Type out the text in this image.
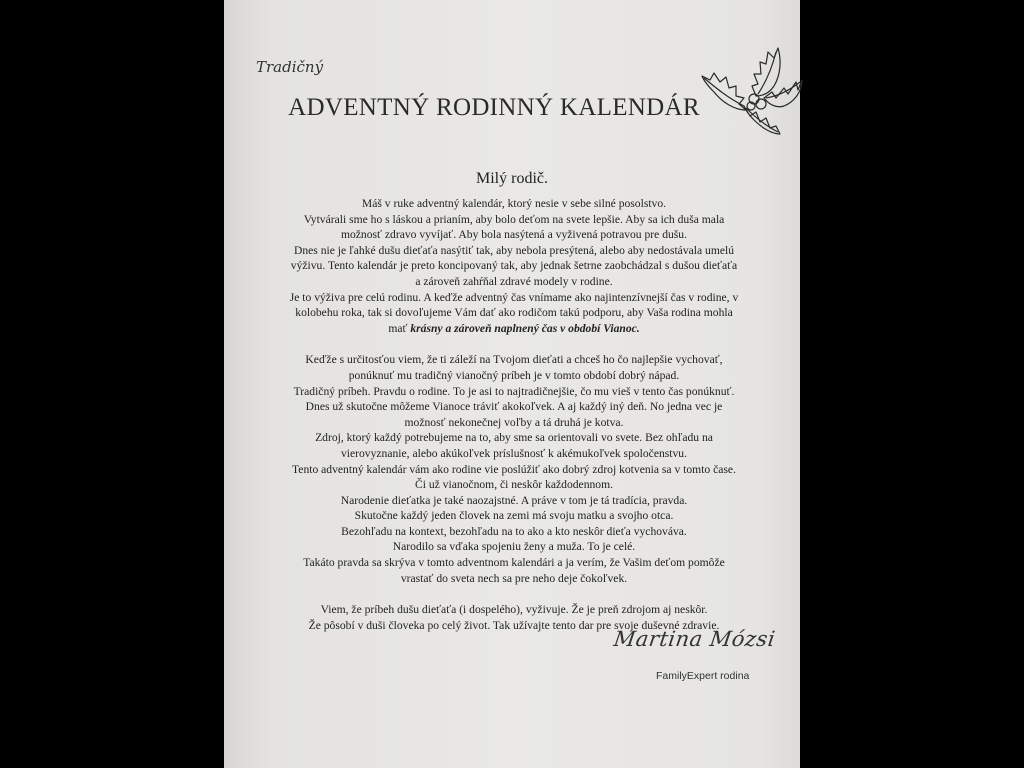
Tradičný
ADVENTNÝ RODINNÝ KALENDÁR
Milý rodič.
Máš v ruke adventný kalendár, ktorý nesie v sebe silné posolstvo.
Vytvárali sme ho s láskou a prianím, aby bolo deťom na svete lepšie. Aby sa ich duša mala
možnosť zdravo vyvíjať. Aby bola nasýtená a vyživená potravou pre dušu.
Dnes nie je ľahké dušu dieťaťa nasýtiť tak, aby nebola presýtená, alebo aby nedostávala umelú
výživu. Tento kalendár je preto koncipovaný tak, aby jednak šetrne zaobchádzal s dušou dieťaťa
a zároveň zahŕňal zdravé modely v rodine.
Je to výživa pre celú rodinu. A keďže adventný čas vnímame ako najintenzívnejší čas v rodine, v
kolobehu roka, tak si dovoľujeme Vám dať ako rodičom takú podporu, aby Vaša rodina mohla
mať krásny a zároveň naplnený čas v období Vianoc.
Keďže s určitosťou viem, že ti záleží na Tvojom dieťati a chceš ho čo najlepšie vychovať,
ponúknuť mu tradičný vianočný príbeh je v tomto období dobrý nápad.
Tradičný príbeh. Pravdu o rodine. To je asi to najtradičnejšie, čo mu vieš v tento čas ponúknuť.
Dnes už skutočne môžeme Vianoce tráviť akokoľvek. A aj každý iný deň. No jedna vec je
možnosť nekonečnej voľby a tá druhá je kotva.
Zdroj, ktorý každý potrebujeme na to, aby sme sa orientovali vo svete. Bez ohľadu na
vierovyznanie, alebo akúkoľvek príslušnosť k akémukoľvek spoločenstvu.
Tento adventný kalendár vám ako rodine vie poslúžiť ako dobrý zdroj kotvenia sa v tomto čase.
Či už vianočnom, či neskôr každodennom.
Narodenie dieťatka je také naozajstné. A práve v tom je tá tradícia, pravda.
Skutočne každý jeden človek na zemi má svoju matku a svojho otca.
Bezohľadu na kontext, bezohľadu na to ako a kto neskôr dieťa vychováva.
Narodilo sa vďaka spojeniu ženy a muža. To je celé.
Takáto pravda sa skrýva v tomto adventnom kalendári a ja verím, že Vašim deťom pomôže
vrastať do sveta nech sa pre neho deje čokoľvek.
Viem, že príbeh dušu dieťaťa (i dospelého), vyživuje. Že je preň zdrojom aj neskôr.
Že pôsobí v duši človeka po celý život. Tak užívajte tento dar pre svoje duševné zdravie.
Martina Mózsi
FamilyExpert rodina
